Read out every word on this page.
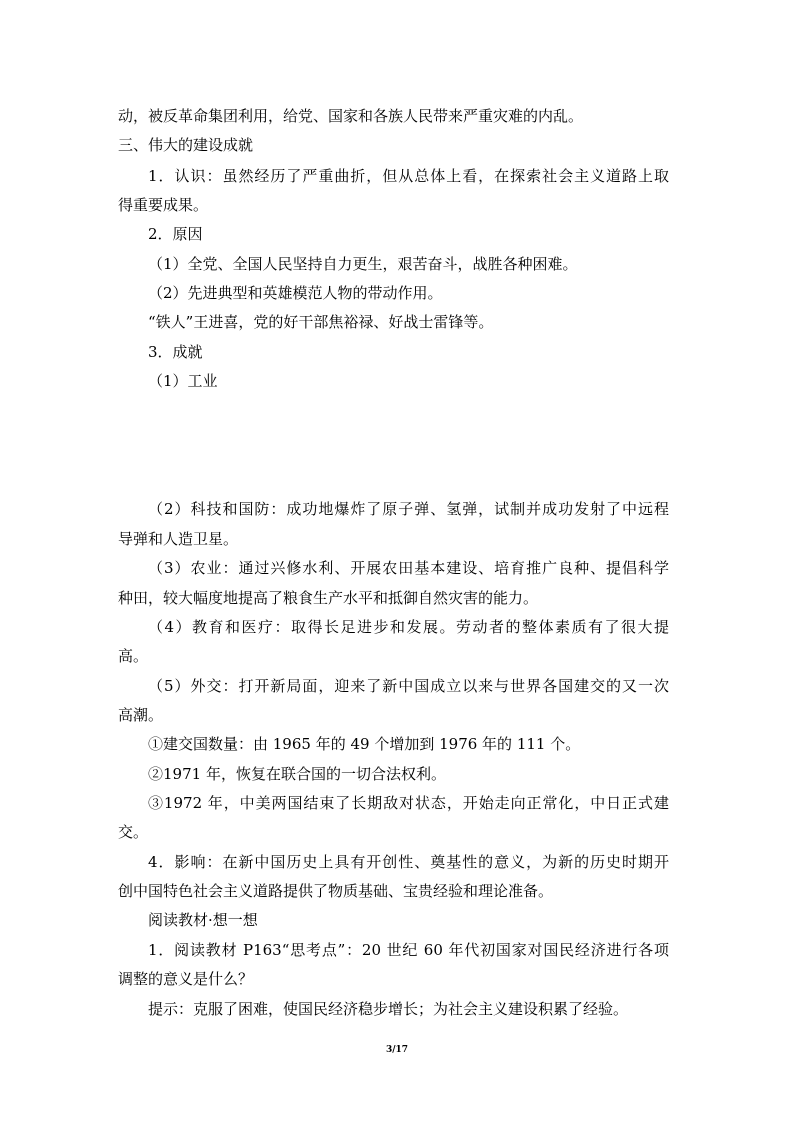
动，被反革命集团利用，给党、国家和各族人民带来严重灾难的内乱。
三、伟大的建设成就
1．认识：虽然经历了严重曲折，但从总体上看，在探索社会主义道路上取
得重要成果。
2．原因
（1）全党、全国人民坚持自力更生，艰苦奋斗，战胜各种困难。
（2）先进典型和英雄模范人物的带动作用。
“铁人”王进喜，党的好干部焦裕禄、好战士雷锋等。
3．成就
（1）工业
（2）科技和国防：成功地爆炸了原子弹、氢弹，试制并成功发射了中远程
导弹和人造卫星。
（3）农业：通过兴修水利、开展农田基本建设、培育推广良种、提倡科学
种田，较大幅度地提高了粮食生产水平和抵御自然灾害的能力。
（4）教育和医疗：取得长足进步和发展。劳动者的整体素质有了很大提
高。
（5）外交：打开新局面，迎来了新中国成立以来与世界各国建交的又一次
高潮。
①建交国数量：由 1965 年的 49 个增加到 1976 年的 111 个。
②1971 年，恢复在联合国的一切合法权利。
③1972 年，中美两国结束了长期敌对状态，开始走向正常化，中日正式建
交。
4．影响：在新中国历史上具有开创性、奠基性的意义，为新的历史时期开
创中国特色社会主义道路提供了物质基础、宝贵经验和理论准备。
阅读教材·想一想
1．阅读教材 P163“思考点”：20 世纪 60 年代初国家对国民经济进行各项
调整的意义是什么？
提示：克服了困难，使国民经济稳步增长；为社会主义建设积累了经验。
3/17
